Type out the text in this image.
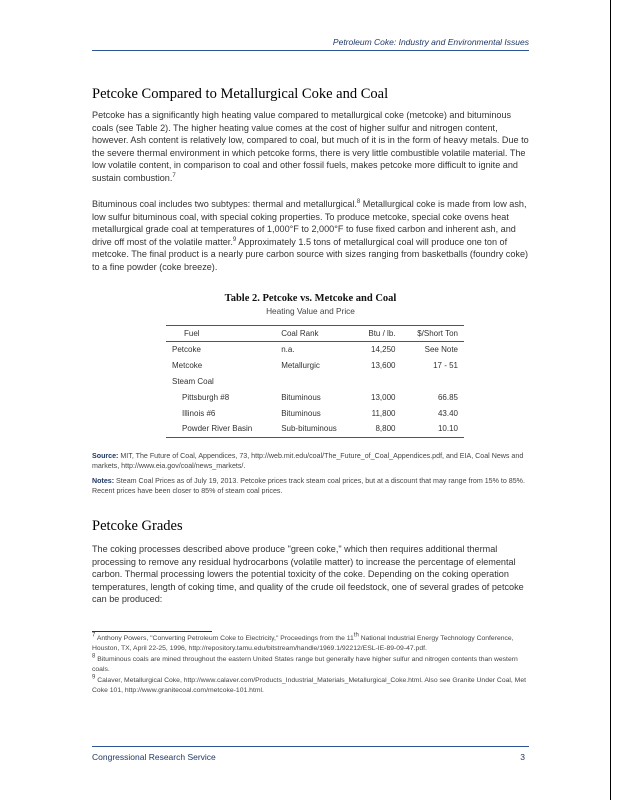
Petroleum Coke: Industry and Environmental Issues
Petcoke Compared to Metallurgical Coke and Coal

Petcoke has a significantly high heating value compared to metallurgical coke (metcoke) and bituminous coals (see Table 2). The higher heating value comes at the cost of higher sulfur and nitrogen content, however. Ash content is relatively low, compared to coal, but much of it is in the form of heavy metals. Due to the severe thermal environment in which petcoke forms, there is very little combustible volatile material. The low volatile content, in comparison to coal and other fossil fuels, makes petcoke more difficult to ignite and sustain combustion.$^7$

Bituminous coal includes two subtypes: thermal and metallurgical.$^8$ Metallurgical coke is made from low ash, low sulfur bituminous coal, with special coking properties. To produce metcoke, special coke ovens heat metallurgical grade coal at temperatures of 1,000°F to 2,000°F to fuse fixed carbon and inherent ash, and drive off most of the volatile matter.$^9$ Approximately 1.5 tons of metallurgical coal will produce one ton of metcoke. The final product is a nearly pure carbon source with sizes ranging from basketballs (foundry coke) to a fine powder (coke breeze).

Table 2. Petcoke vs. Metcoke and Coal
Heating Value and Price
Fuel	Coal Rank	Btu / lb.	$/Short Ton
Petcoke	n.a.	14,250	See Note
Metcoke	Metallurgic	13,600	17 - 51
Steam Coal			
Pittsburgh #8	Bituminous	13,000	66.85
Illinois #6	Bituminous	11,800	43.40
Powder River Basin	Sub-bituminous	8,800	10.10

Source: MIT, The Future of Coal, Appendices, 73, http://web.mit.edu/coal/The_Future_of_Coal_Appendices.pdf, and EIA, Coal News and markets, http://www.eia.gov/coal/news_markets/.
Notes: Steam Coal Prices as of July 19, 2013. Petcoke prices track steam coal prices, but at a discount that may range from 15% to 85%. Recent prices have been closer to 85% of steam coal prices.
Petcoke Grades

The coking processes described above produce "green coke," which then requires additional thermal processing to remove any residual hydrocarbons (volatile matter) to increase the percentage of elemental carbon. Thermal processing lowers the potential toxicity of the coke. Depending on the coking operation temperatures, length of coking time, and quality of the crude oil feedstock, one of several grades of petcoke can be produced:

$^7$ Anthony Powers, "Converting Petroleum Coke to Electricity," Proceedings from the 11th National Industrial Energy Technology Conference, Houston, TX, April 22-25, 1996, http://repository.tamu.edu/bitstream/handle/1969.1/92212/ESL-IE-89-09-47.pdf.

$^8$ Bituminous coals are mined throughout the eastern United States range but generally have higher sulfur and nitrogen contents than western coals.

$^9$ Calaver, Metallurgical Coke, http://www.calaver.com/Products_Industrial_Materials_Metallurgical_Coke.html. Also see Granite Under Coal, Met Coke 101, http://www.granitecoal.com/metcoke-101.html.

Congressional Research Service	3
